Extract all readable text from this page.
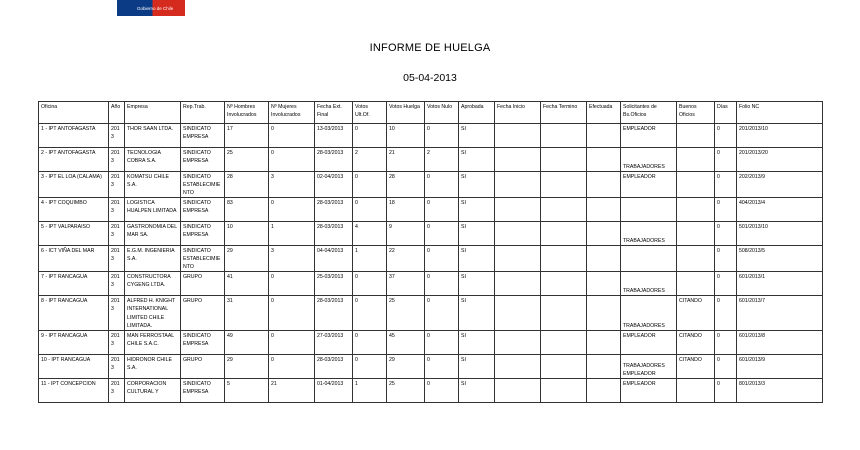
Gobierno de Chile
INFORME DE HUELGA
05-04-2013
Oficina	Año	Empresa	Rep.Trab.	Nº Hombres Involucrados	Nº Mujeres Involucrados	Fecha Ext. Final	Votos Ult.Of.	Votos Huelga	Votos Nulo	Aprobada	Fecha Inicio	Fecha Termino	Efectuada	Solicitantes de Bs.Oficios	Buenos Oficios	Días	Folio NC
1 - IPT ANTOFAGASTA	2013	THOR SAAN LTDA.	SINDICATO EMPRESA	17	0	13-03/2013	0	10	0	SI				EMPLEADOR		0	201/2013/10
2 - IPT ANTOFAGASTA	2013	TECNOLOGIA COBRA S.A.	SINDICATO EMPRESA	25	0	28-03/2013	2	21	2	SI				TRABAJADORES		0	201/2013/20
3 - IPT EL LOA (CALAMA)	2013	KOMATSU CHILE S.A.	SINDICATO ESTABLECIMIENTO	28	3	02-04/2013	0	28	0	SI				EMPLEADOR		0	202/2013/9
4 - IPT COQUIMBO	2013	LOGISTICA HUALPEN LIMITADA	SINDICATO EMPRESA	83	0	28-03/2013	0	18	0	SI						0	404/2013/4
5 - IPT VALPARAISO	2013	GASTRONOMIA DEL MAR SA.	SINDICATO EMPRESA	10	1	28-03/2013	4	9	0	SI				TRABAJADORES		0	501/2013/10
6 - ICT VIÑA DEL MAR	2013	E.G.M. INGENIERIA S.A.	SINDICATO ESTABLECIMIENTO	29	3	04-04/2013	1	22	0	SI						0	508/2013/5
7 - IPT RANCAGUA	2013	CONSTRUCTORA CYGENG LTDA.	GRUPO	41	0	25-03/2013	0	37	0	SI				TRABAJADORES		0	601/2013/1
8 - IPT RANCAGUA	2013	ALFRED H. KNIGHT INTERNATIONAL LIMITED CHILE LIMITADA.	GRUPO	31	0	28-03/2013	0	25	0	SI				TRABAJADORES	CITANDO	0	601/2013/7
9 - IPT RANCAGUA	2013	MAN FERROSTAAL CHILE S.A.C.	SINDICATO EMPRESA	49	0	27-03/2013	0	45	0	SI				EMPLEADOR	CITANDO	0	601/2013/8
10 - IPT RANCAGUA	2013	HIDRONOR CHILE S.A.	GRUPO	29	0	28-03/2013	0	29	0	SI				TRABAJADORES EMPLEADOR	CITANDO	0	601/2013/9
11 - IPT CONCEPCION	2013	CORPORACION CULTURAL Y	SINDICATO EMPRESA	5	21	01-04/2013	1	25	0	SI				EMPLEADOR		0	801/2013/3
